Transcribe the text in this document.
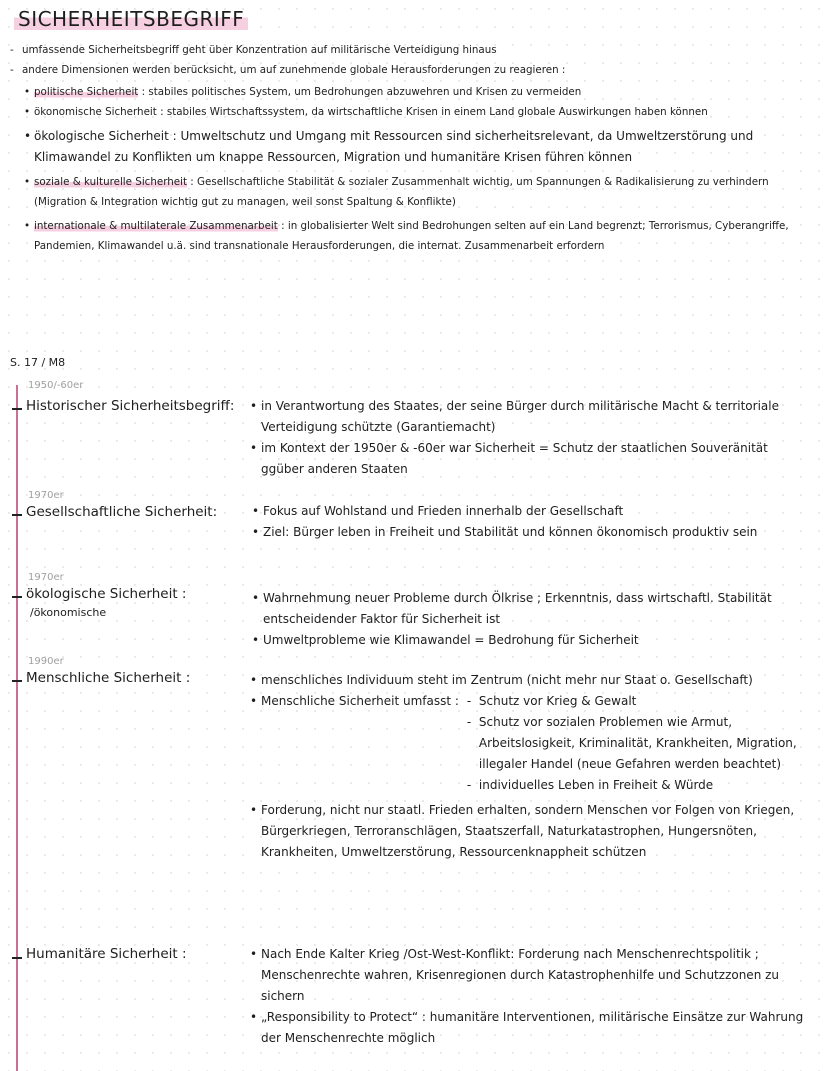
SICHERHEITSBEGRIFF
- umfassende Sicherheitsbegriff geht über Konzentration auf militärische Verteidigung hinaus
- andere Dimensionen werden berücksicht, um auf zunehmende globale Herausforderungen zu reagieren :
• politische Sicherheit : stabiles politisches System, um Bedrohungen abzuwehren und Krisen zu vermeiden
• ökonomische Sicherheit : stabiles Wirtschaftssystem, da wirtschaftliche Krisen in einem Land globale Auswirkungen haben können
• ökologische Sicherheit : Umweltschutz und Umgang mit Ressourcen sind sicherheitsrelevant, da Umweltzerstörung und Klimawandel zu Konflikten um knappe Ressourcen, Migration und humanitäre Krisen führen können
• soziale & kulturelle Sicherheit : Gesellschaftliche Stabilität & sozialer Zusammenhalt wichtig, um Spannungen & Radikalisierung zu verhindern (Migration & Integration wichtig gut zu managen, weil sonst Spaltung & Konflikte)
• internationale & multilaterale Zusammenarbeit : in globalisierter Welt sind Bedrohungen selten auf ein Land begrenzt; Terrorismus, Cyberangriffe, Pandemien, Klimawandel u.ä. sind transnationale Herausforderungen, die internat. Zusammenarbeit erfordern
S. 17 / M8
1950/-60er
Historischer Sicherheitsbegriff:	• in Verantwortung des Staates, der seine Bürger durch militärische Macht & territoriale Verteidigung schützte (Garantiemacht)
• im Kontext der 1950er & -60er war Sicherheit = Schutz der staatlichen Souveränität ggüber anderen Staaten
1970er
Gesellschaftliche Sicherheit:	• Fokus auf Wohlstand und Frieden innerhalb der Gesellschaft
• Ziel: Bürger leben in Freiheit und Stabilität und können ökonomisch produktiv sein
1970er
ökologische Sicherheit :
/ökonomische
• Wahrnehmung neuer Probleme durch Ölkrise ; Erkenntnis, dass wirtschaftl. Stabilität entscheidender Faktor für Sicherheit ist
• Umweltprobleme wie Klimawandel = Bedrohung für Sicherheit
1990er
Menschliche Sicherheit :	• menschliches Individuum steht im Zentrum (nicht mehr nur Staat o. Gesellschaft)
• Menschliche Sicherheit umfasst :	- Schutz vor Krieg & Gewalt
- Schutz vor sozialen Problemen wie Armut, Arbeitslosigkeit, Kriminalität, Krankheiten, Migration, illegaler Handel (neue Gefahren werden beachtet)
- individuelles Leben in Freiheit & Würde
• Forderung, nicht nur staatl. Frieden erhalten, sondern Menschen vor Folgen von Kriegen, Bürgerkriegen, Terroranschlägen, Staatszerfall, Naturkatastrophen, Hungersnöten, Krankheiten, Umweltzerstörung, Ressourcenknappheit schützen
Humanitäre Sicherheit :	• Nach Ende Kalter Krieg /Ost-West-Konflikt: Forderung nach Menschenrechtspolitik ; Menschenrechte wahren, Krisenregionen durch Katastrophenhilfe und Schutzzonen zu sichern
• „Responsibility to Protect“ : humanitäre Interventionen, militärische Einsätze zur Wahrung der Menschenrechte möglich
